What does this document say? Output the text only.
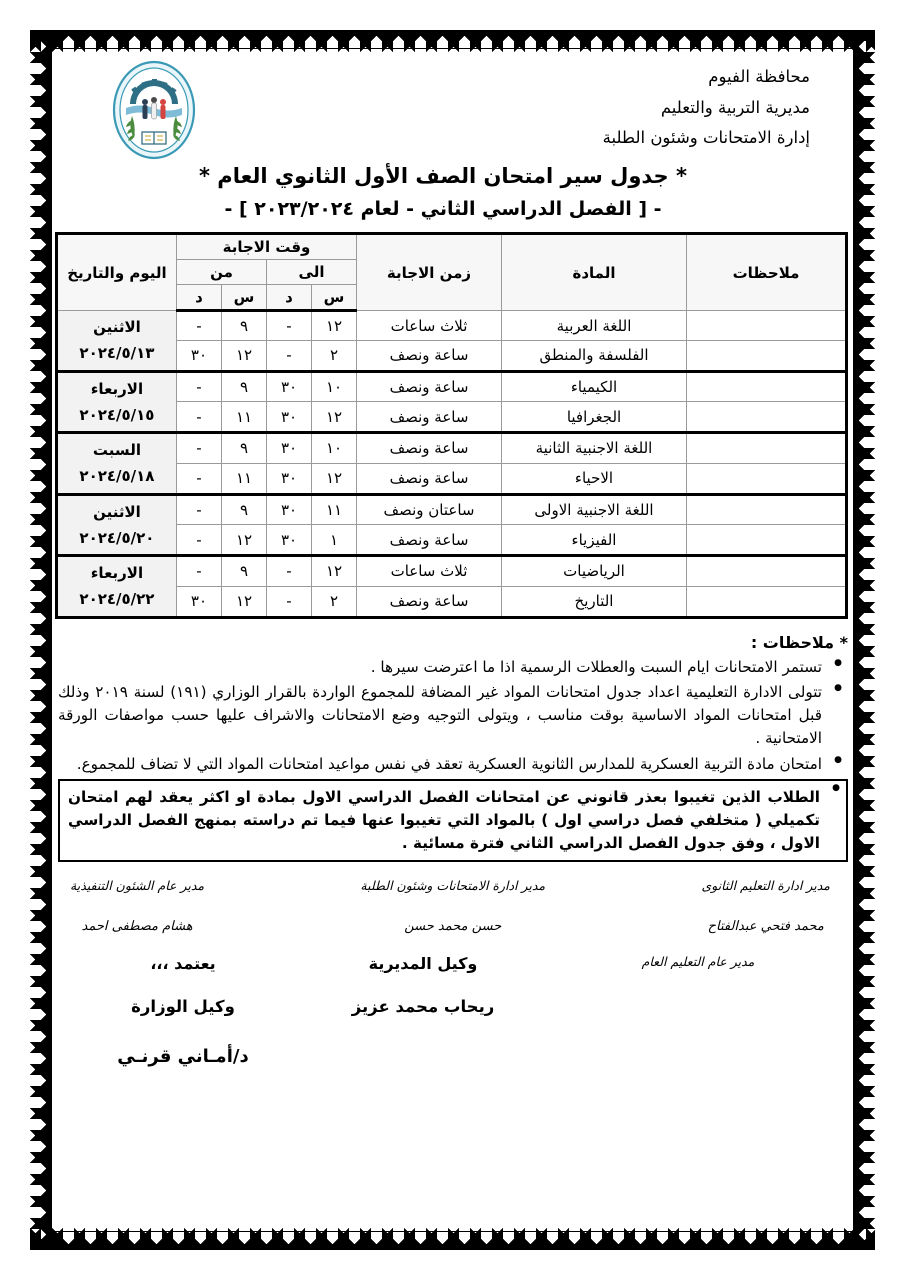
محافظة الفيوم
مديرية التربية والتعليم
إدارة الامتحانات وشئون الطلبة
* جدول سير امتحان الصف الأول الثانوي العام *
- [ الفصل الدراسي الثاني - لعام ٢٠٢٣/٢٠٢٤ ] -
ملاحظات	المادة	زمن الاجابة	وقت الاجابة				اليوم والتاريخ
			الى		من		
			س	د	س	د	
	اللغة العربية	ثلاث ساعات	١٢	-	٩	-	الاثنين
٢٠٢٤/٥/١٣

	الفلسفة والمنطق	ساعة ونصف	٢	-	١٢	٣٠	
	الكيمياء	ساعة ونصف	١٠	٣٠	٩	-	الاربعاء
٢٠٢٤/٥/١٥

	الجغرافيا	ساعة ونصف	١٢	٣٠	١١	-	
	اللغة الاجنبية الثانية	ساعة ونصف	١٠	٣٠	٩	-	السبت
٢٠٢٤/٥/١٨

	الاحياء	ساعة ونصف	١٢	٣٠	١١	-	
	اللغة الاجنبية الاولى	ساعتان ونصف	١١	٣٠	٩	-	الاثنين
٢٠٢٤/٥/٢٠

	الفيزياء	ساعة ونصف	١	٣٠	١٢	-	
	الرياضيات	ثلاث ساعات	١٢	-	٩	-	الاربعاء
٢٠٢٤/٥/٢٢

	التاريخ	ساعة ونصف	٢	-	١٢	٣٠	
* ملاحظات :
● تستمر الامتحانات ايام السبت والعطلات الرسمية اذا ما اعترضت سيرها .
● تتولى الادارة التعليمية اعداد جدول امتحانات المواد غير المضافة للمجموع الواردة بالقرار الوزاري (١٩١) لسنة ٢٠١٩ وذلك قبل امتحانات المواد الاساسية بوقت مناسب ، ويتولى التوجيه وضع الامتحانات والاشراف عليها حسب مواصفات الورقة الامتحانية .
● امتحان مادة التربية العسكرية للمدارس الثانوية العسكرية تعقد في نفس مواعيد امتحانات المواد التي لا تضاف للمجموع.
● الطلاب الذين تغيبوا بعذر قانوني عن امتحانات الفصل الدراسي الاول بمادة او اكثر يعقد لهم امتحان تكميلي ( متخلفي فصل دراسي اول ) بالمواد التي تغيبوا عنها فيما تم دراسته بمنهج الفصل الدراسي الاول ، وفق جدول الفصل الدراسي الثاني فترة مسائية .
مدير ادارة التعليم الثانوى
محمد فتحي عبدالفتاح
مدير ادارة الامتحانات وشئون الطلبة
حسن محمد حسن
مدير عام الشئون التنفيذية
هشام مصطفى احمد
مدير عام التعليم العام
وكيل المديرية
ريحاب محمد عزيز
يعتمد ،،،
وكيل الوزارة
د/أمـاني قرنـي
